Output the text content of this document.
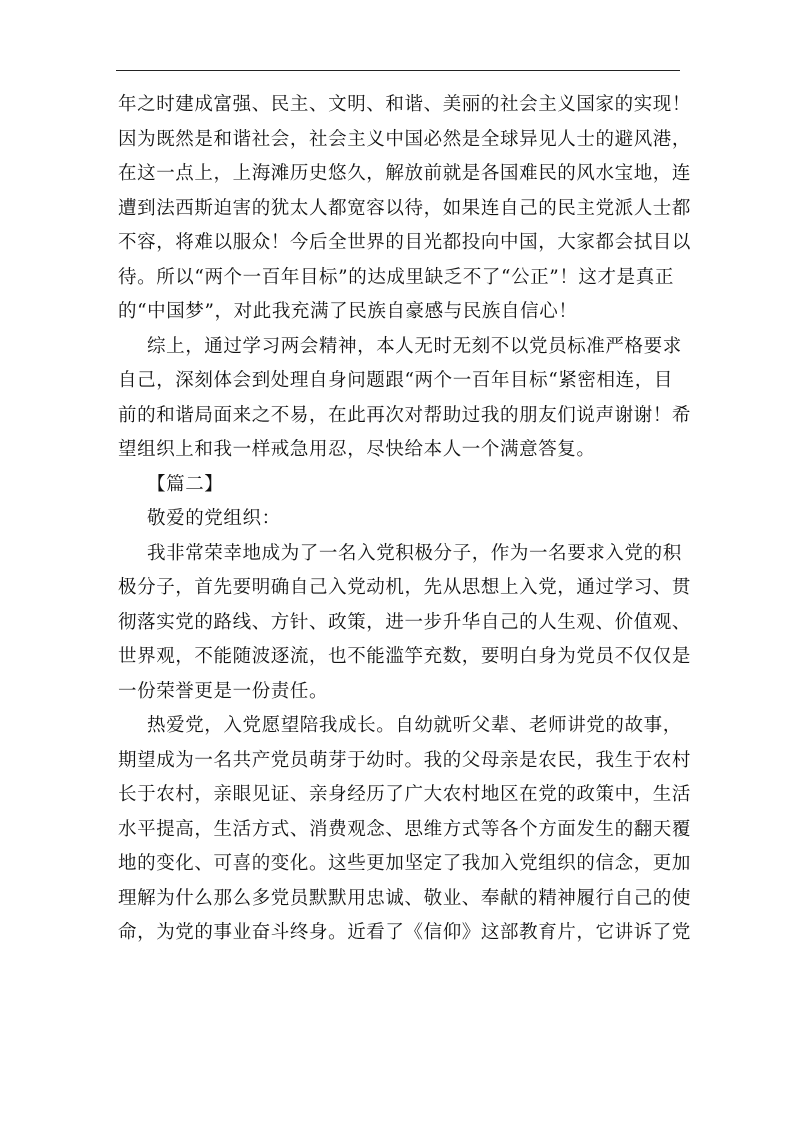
年之时建成富强、民主、文明、和谐、美丽的社会主义国家的实现！
因为既然是和谐社会，社会主义中国必然是全球异见人士的避风港，
在这一点上，上海滩历史悠久，解放前就是各国难民的风水宝地，连
遭到法西斯迫害的犹太人都宽容以待，如果连自己的民主党派人士都
不容，将难以服众！今后全世界的目光都投向中国，大家都会拭目以
待。所以“两个一百年目标”的达成里缺乏不了“公正”！这才是真正
的“中国梦”，对此我充满了民族自豪感与民族自信心！
综上，通过学习两会精神，本人无时无刻不以党员标准严格要求
自己，深刻体会到处理自身问题跟“两个一百年目标“紧密相连，目
前的和谐局面来之不易，在此再次对帮助过我的朋友们说声谢谢！希
望组织上和我一样戒急用忍，尽快给本人一个满意答复。
【篇二】
敬爱的党组织：
我非常荣幸地成为了一名入党积极分子，作为一名要求入党的积
极分子，首先要明确自己入党动机，先从思想上入党，通过学习、贯
彻落实党的路线、方针、政策，进一步升华自己的人生观、价值观、
世界观，不能随波逐流，也不能滥竽充数，要明白身为党员不仅仅是
一份荣誉更是一份责任。
热爱党，入党愿望陪我成长。自幼就听父辈、老师讲党的故事，
期望成为一名共产党员萌芽于幼时。我的父母亲是农民，我生于农村
长于农村，亲眼见证、亲身经历了广大农村地区在党的政策中，生活
水平提高，生活方式、消费观念、思维方式等各个方面发生的翻天覆
地的变化、可喜的变化。这些更加坚定了我加入党组织的信念，更加
理解为什么那么多党员默默用忠诚、敬业、奉献的精神履行自己的使
命，为党的事业奋斗终身。近看了《信仰》这部教育片，它讲诉了党
